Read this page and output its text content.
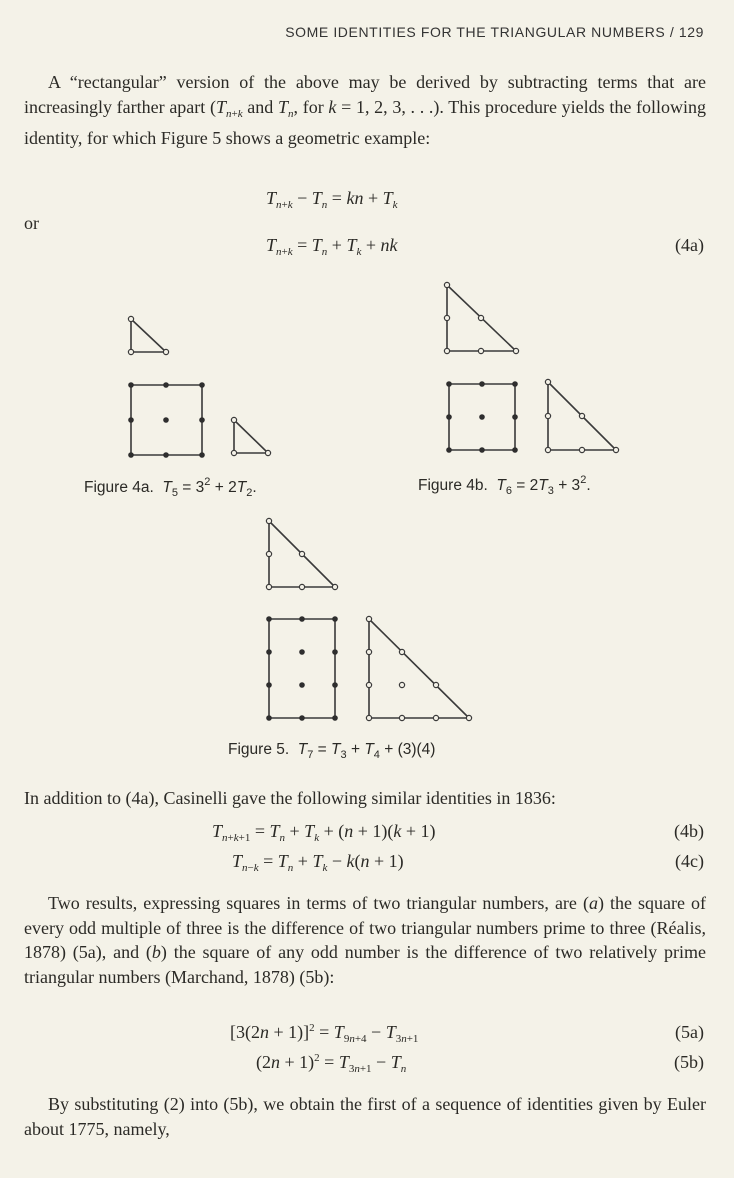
SOME IDENTITIES FOR THE TRIANGULAR NUMBERS / 129

A “rectangular” version of the above may be derived by subtracting terms that are increasingly farther apart ($T_{n+k}$ and $T_n$, for k = 1, 2, 3, . . .). This procedure yields the following identity, for which Figure 5 shows a geometric example:

$T_{n+k} - T_n$ = kn + $T_k$
or
$T_{n+k} = T_n + T_k$ + nk	(4a)
Figure 4a.  $T_5 = 3^2 + 2T_2$.	Figure 4b.  $T_6 = 2T_3 + 3^2$.
Figure 5.  $T_7 = T_3 + T_4 + (3)(4)$

In addition to (4a), Casinelli gave the following similar identities in 1836:

$T_{n+k+1} = T_n + T_k + (n + 1)(k + 1)$	(4b)
$T_{n-k} = T_n + T_k - k(n + 1)$	(4c)

Two results, expressing squares in terms of two triangular numbers, are (a) the square of every odd multiple of three is the difference of two triangular numbers prime to three (Réalis, 1878) (5a), and (b) the square of any odd number is the difference of two relatively prime triangular numbers (Marchand, 1878) (5b):

$[3(2n + 1)]^2 = T_{9n+4} - T_{3n+1}$	(5a)
$(2n + 1)^2 = T_{3n+1} - T_n$	(5b)

By substituting (2) into (5b), we obtain the first of a sequence of identities given by Euler about 1775, namely,
